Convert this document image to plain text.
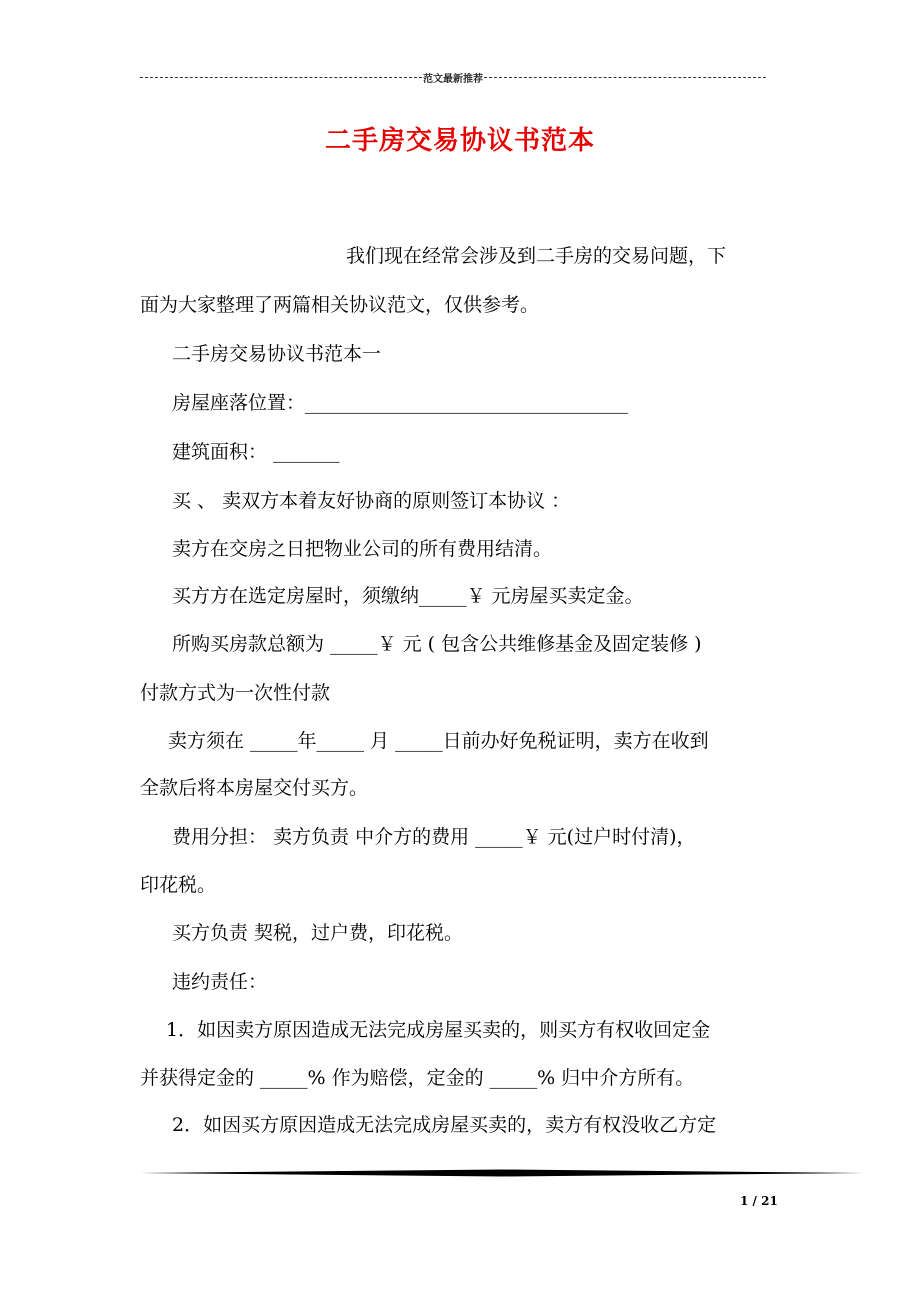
范文最新推荐
二手房交易协议书范本
我们现在经常会涉及到二手房的交易问题，下
面为大家整理了两篇相关协议范文，仅供参考。
二手房交易协议书范本一
房屋座落位置：__________________________________
建筑面积： _______
买 、 卖双方本着友好协商的原则签订本协议 ：
卖方在交房之日把物业公司的所有费用结清。
买方方在选定房屋时，须缴纳_____￥ 元房屋买卖定金。
所购买房款总额为 _____￥ 元 ( 包含公共维修基金及固定装修 )
付款方式为一次性付款
卖方须在 _____年_____ 月 _____日前办好免税证明，卖方在收到
全款后将本房屋交付买方。
费用分担： 卖方负责 中介方的费用 _____￥ 元(过户时付清)，
印花税。
买方负责 契税，过户费，印花税。
违约责任：
1．如因卖方原因造成无法完成房屋买卖的，则买方有权收回定金
并获得定金的 _____% 作为赔偿，定金的 _____% 归中介方所有。
2．如因买方原因造成无法完成房屋买卖的，卖方有权没收乙方定
1 / 21
